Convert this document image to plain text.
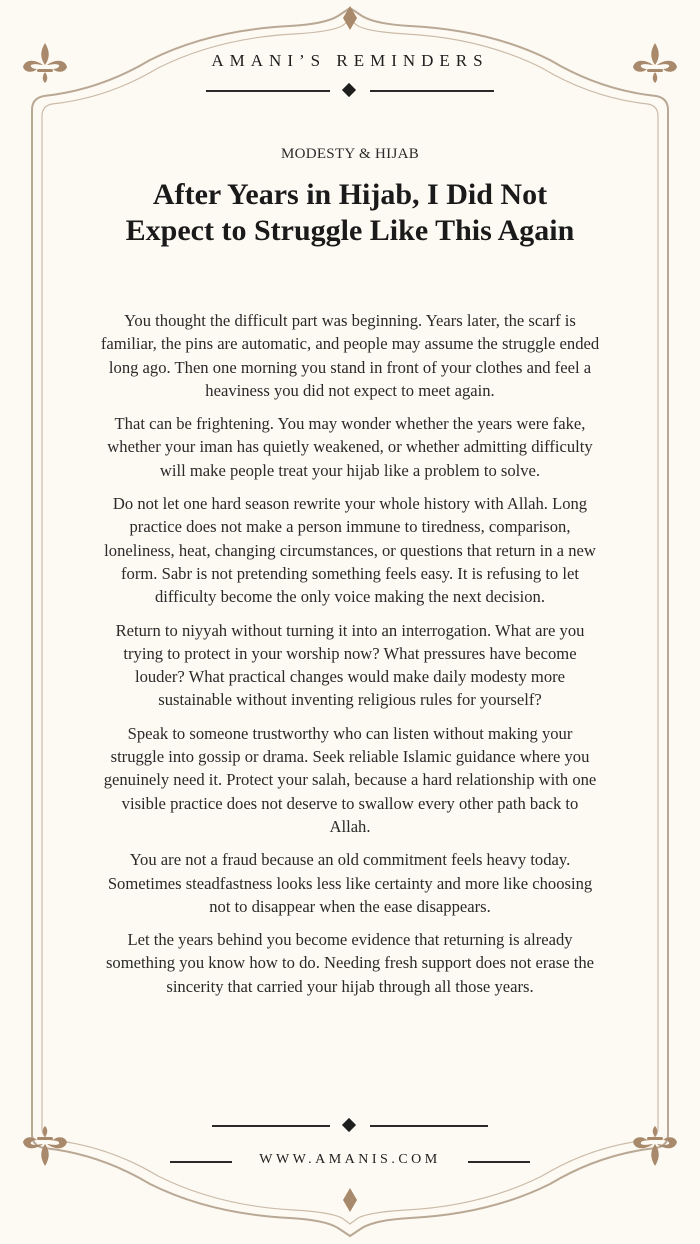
AMANI’S REMINDERS
MODESTY & HIJAB
After Years in Hijab, I Did Not Expect to Struggle Like This Again

You thought the difficult part was beginning. Years later, the scarf is familiar, the pins are automatic, and people may assume the struggle ended long ago. Then one morning you stand in front of your clothes and feel a heaviness you did not expect to meet again.

That can be frightening. You may wonder whether the years were fake, whether your iman has quietly weakened, or whether admitting difficulty will make people treat your hijab like a problem to solve.

Do not let one hard season rewrite your whole history with Allah. Long practice does not make a person immune to tiredness, comparison, loneliness, heat, changing circumstances, or questions that return in a new form. Sabr is not pretending something feels easy. It is refusing to let difficulty become the only voice making the next decision.

Return to niyyah without turning it into an interrogation. What are you trying to protect in your worship now? What pressures have become louder? What practical changes would make daily modesty more sustainable without inventing religious rules for yourself?

Speak to someone trustworthy who can listen without making your struggle into gossip or drama. Seek reliable Islamic guidance where you genuinely need it. Protect your salah, because a hard relationship with one visible practice does not deserve to swallow every other path back to Allah.

You are not a fraud because an old commitment feels heavy today. Sometimes steadfastness looks less like certainty and more like choosing not to disappear when the ease disappears.

Let the years behind you become evidence that returning is already something you know how to do. Needing fresh support does not erase the sincerity that carried your hijab through all those years.

WWW.AMANIS.COM
